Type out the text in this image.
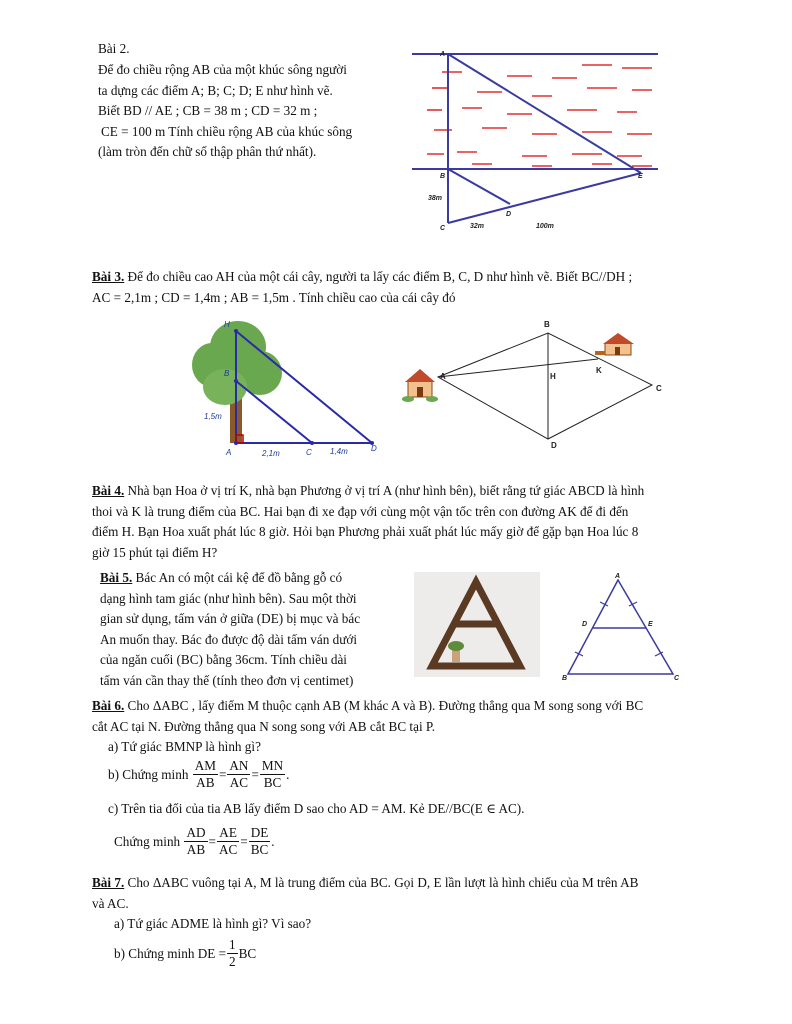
Bài 2.

Để đo chiều rộng AB của một khúc sông người
ta dựng các điểm A; B; C; D; E như hình vẽ.
Biết BD // AE ; CB = 38 m ; CD = 32 m ;
CE = 100 m Tính chiều rộng AB của khúc sông
(làm tròn đến chữ số thập phân thứ nhất).
A
B
C
D
E
38m
32m	100m
Bài 3. Để đo chiều cao AH của một cái cây, người ta lấy các điểm B, C, D như hình vẽ. Biết BC//DH ;
AC = 2,1m ; CD = 1,4m ; AB = 1,5m . Tính chiều cao của cái cây đó
H
B
A	C	D
1,5m
2,1m	1,4m
A
B
C
D
H
K
Bài 4. Nhà bạn Hoa ở vị trí K, nhà bạn Phương ở vị trí A (như hình bên), biết rằng tứ giác ABCD là hình
thoi và K là trung điểm của BC. Hai bạn đi xe đạp với cùng một vận tốc trên con đường AK để đi đến
điểm H. Bạn Hoa xuất phát lúc 8 giờ. Hỏi bạn Phương phải xuất phát lúc mấy giờ để gặp bạn Hoa lúc 8
giờ 15 phút tại điểm H?
Bài 5. Bác An có một cái kệ để đồ bằng gỗ có
dạng hình tam giác (như hình bên). Sau một thời
gian sử dụng, tấm ván ở giữa (DE) bị mục và bác
An muốn thay. Bác đo được độ dài tấm ván dưới
của ngăn cuối (BC) bằng 36cm. Tính chiều dài
tấm ván cần thay thế (tính theo đơn vị centimet)
A
D	E
B	C
Bài 6. Cho ΔABC , lấy điểm M thuộc cạnh AB (M khác A và B). Đường thẳng qua M song song với BC
cắt AC tại N. Đường thẳng qua N song song với AB cắt BC tại P.
a) Tứ giác BMNP là hình gì?
b) Chứng minh
$\frac{AM}{AB} = \frac{AN}{AC} = \frac{MN}{BC}$ .
c) Trên tia đối của tia AB lấy điểm D sao cho AD = AM. Kẻ DE//BC(E ∈ AC).
Chứng minh
$\frac{AD}{AB} = \frac{AE}{AC} = \frac{DE}{BC}$ .
Bài 7. Cho ΔABC vuông tại A, M là trung điểm của BC. Gọi D, E lần lượt là hình chiếu của M trên AB
và AC.
a) Tứ giác ADME là hình gì? Vì sao?
b) Chứng minh DE = $\frac{1}{2}$ BC
